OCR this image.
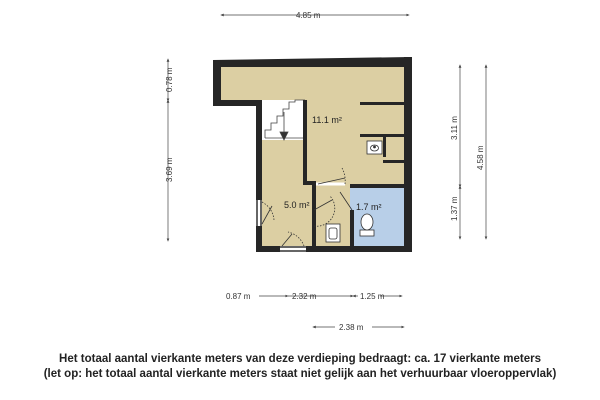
11.1 m²
5.0 m²	1.7 m²
4.85 m
0.78 m
3.69 m
3.11 m
1.37 m
4.58 m
0.87 m	2.32 m	1.25 m
2.38 m
Het totaal aantal vierkante meters van deze verdieping bedraagt: ca. 17 vierkante meters
(let op: het totaal aantal vierkante meters staat niet gelijk aan het verhuurbaar vloeroppervlak)
